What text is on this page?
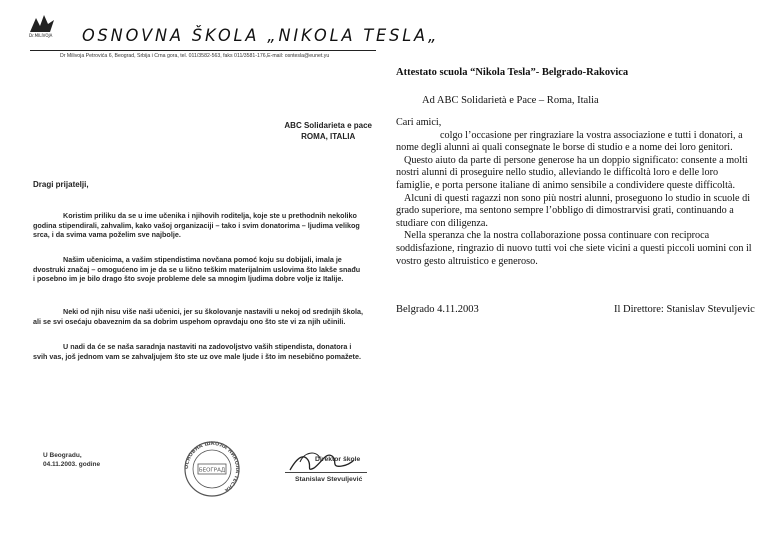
Dr.MILIVOJA OSNOVNA ŠKOLA „NIKOLA TESLA„
Dr Milivoja Petrovića 6, Beograd, Srbija i Crna gora, tel. 011/3582-563, faks 011/3581-176,E-mail: osntesla@eunet.yu
ABC Solidarieta e pace
ROMA, ITALIA
Dragi prijatelji,

Koristim priliku da se u ime učenika i njihovih roditelja, koje ste u prethodnih nekoliko godina stipendirali, zahvalim, kako vašoj organizaciji – tako i svim donatorima – ljudima velikog srca, i da svima vama poželim sve najbolje.

Našim učenicima, a vašim stipendistima novčana pomoć koju su dobijali, imala je dvostruki značaj – omogućeno im je da se u lično teškim materijalnim uslovima što lakše snađu i posebno im je bilo drago što svoje probleme dele sa mnogim ljudima dobre volje iz Italije.

Neki od njih nisu više naši učenici, jer su školovanje nastavili u nekoj od srednjih škola, ali se svi osećaju obaveznim da sa dobrim uspehom opravdaju ono što ste vi za njih učinili.

U nadi da će se naša saradnja nastaviti na zadovoljstvo vaših stipendista, donatora i svih vas, još jednom vam se zahvaljujem što ste uz ove male ljude i što im nesebično pomažete.

U Beogradu,
04.11.2003. godine	ОСНОВНА ШКОЛА НИКОЛА ТЕСЛА
БЕОГРАД
Direktor škole
Stanislav Stevuljević
Attestato scuola “Nikola Tesla”- Belgrado-Rakovica
Ad ABC Solidarietà e Pace – Roma, Italia

Cari amici,

colgo l’occasione per ringraziare la vostra associazione e tutti i donatori, a nome degli alunni ai quali consegnate le borse di studio e a nome dei loro genitori.

Questo aiuto da parte di persone generose ha un doppio significato: consente a molti nostri alunni di proseguire nello studio, alleviando le difficoltà loro e delle loro famiglie, e porta persone italiane di animo sensibile a condividere queste difficoltà.

Alcuni di questi ragazzi non sono più nostri alunni, proseguono lo studio in scuole di grado superiore, ma sentono sempre l’obbligo di dimostrarvisi grati, continuando a studiare con diligenza.

Nella speranza che la nostra collaborazione possa continuare con reciproca soddisfazione, ringrazio di nuovo tutti voi che siete vicini a questi piccoli uomini con il vostro gesto altruistico e generoso.

Belgrado 4.11.2003	Il Direttore: Stanislav Stevuljevic
